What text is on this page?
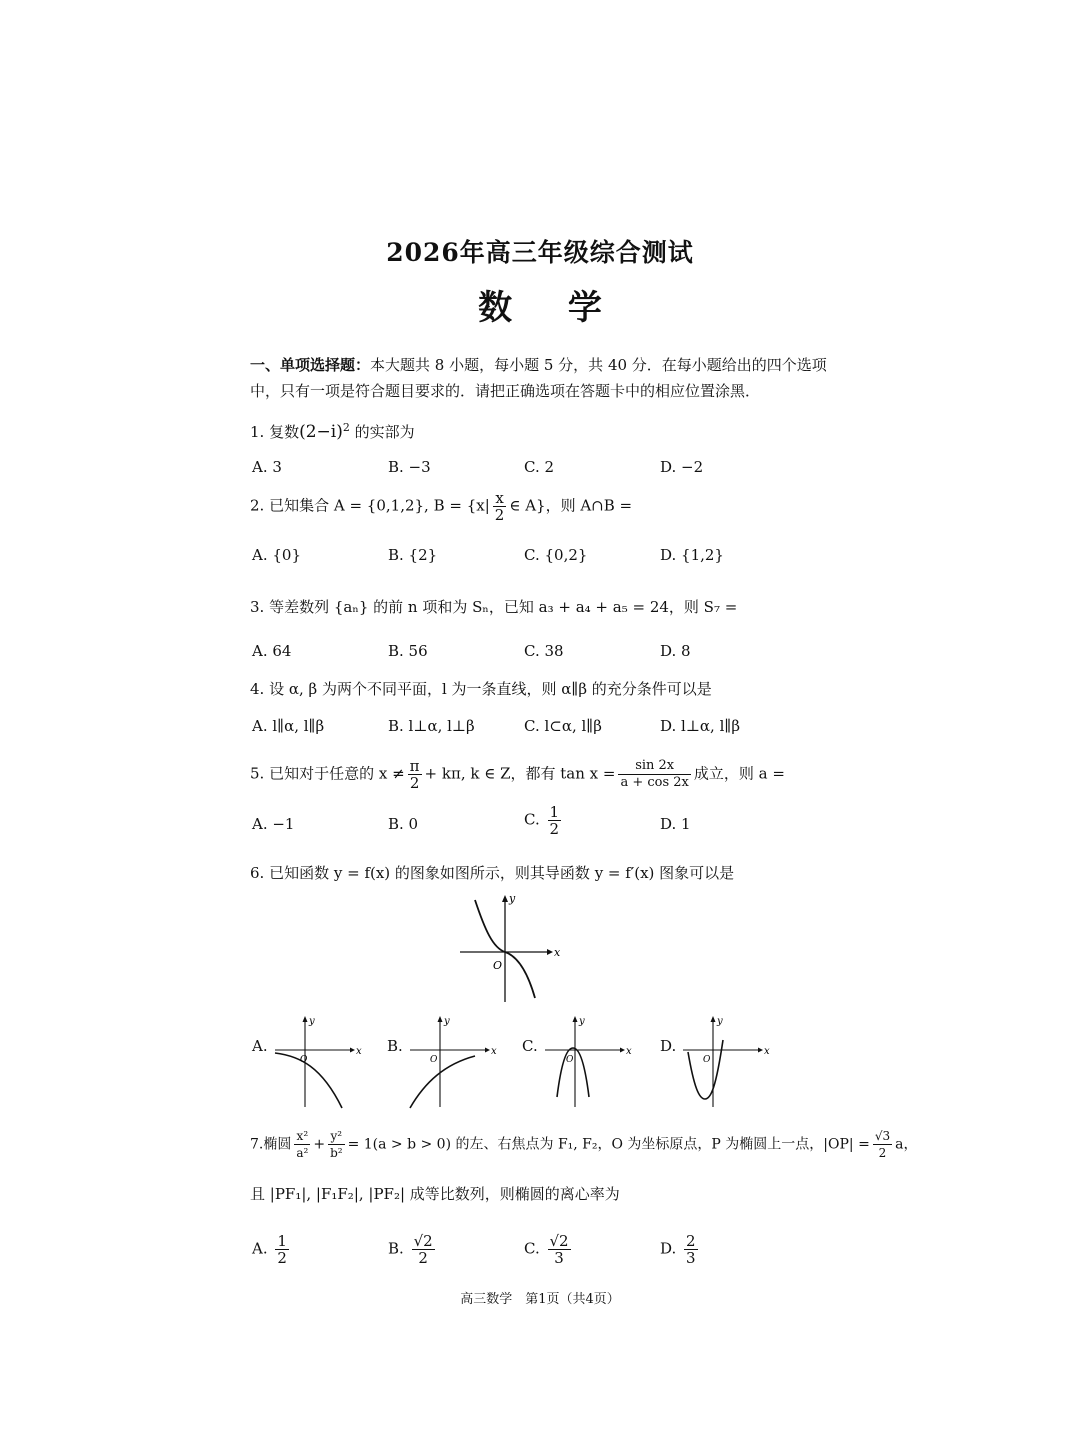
2026年高三年级综合测试
数 学
一、单项选择题：本大题共 8 小题，每小题 5 分，共 40 分．在每小题给出的四个选项中，只有一项是符合题目要求的．请把正确选项在答题卡中的相应位置涂黑．
1. 复数$(2-i)^2$ 的实部为
A. 3	B. −3	C. 2	D. −2
2. 已知集合 A = {0,1,2}, $B = \{x| \frac{x}{2}$ ∈ A}，则 A∩B =
A. {0}	B. {2}	C. {0,2}	D. {1,2}
3. 等差数列 {aₙ} 的前 n 项和为 Sₙ，已知 a₃ + a₄ + a₅ = 24，则 S₇ =
A. 64	B. 56	C. 38	D. 8
4. 设 α, β 为两个不同平面，l 为一条直线，则 α∥β 的充分条件可以是
A. l∥α, l∥β	B. l⊥α, l⊥β	C. l⊂α, l∥β	D. l⊥α, l∥β
5. 已知对于任意的 $x \ne \frac{\pi}{2} + k\pi$, k ∈ Z，都有 $\tan x = \frac{\sin 2x}{a + \cos 2x}$ 成立，则 a =
A. −1	B. 0	C. $\frac{1}{2}$	D. 1
6. 已知函数 y = f(x) 的图象如图所示，则其导函数 y = f′(x) 图象可以是
x
y
O
A.	x
y
O
B.	x
y
O
C.	x
y
O
D.	x
y
O
7.椭圆 $\frac{\text{x²}}{\text{a²}} + \frac{\text{y²}}{\text{b²}} = 1(a > b > 0)$ 的左、右焦点为 F₁, F₂，O 为坐标原点，P 为椭圆上一点，$|OP| = \frac{√3}{2}$ a，
且 |PF₁|, |F₁F₂|, |PF₂| 成等比数列，则椭圆的离心率为
A. $\frac{1}{2}$	B. $\frac{√2}{2}$	C. $\frac{√2}{3}$	D. $\frac{2}{3}$
高三数学　第1页（共4页）
